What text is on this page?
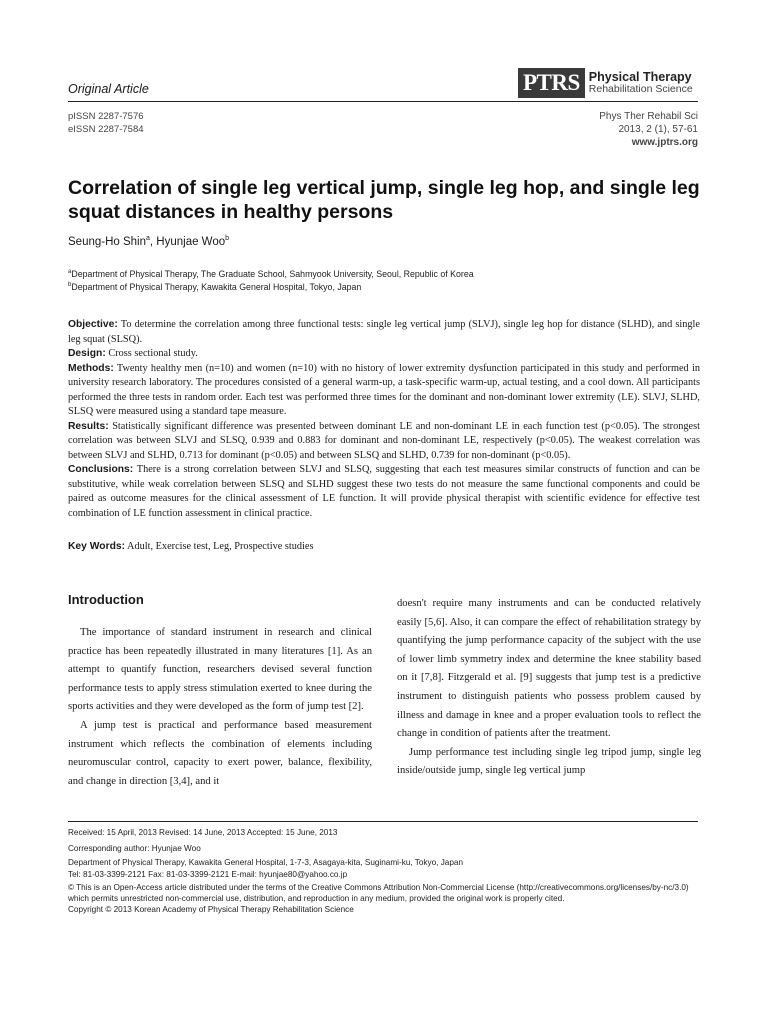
Original Article
pISSN 2287-7576
eISSN 2287-7584
PTRS Physical Therapy
Rehabilitation Science
Phys Ther Rehabil Sci
2013, 2 (1), 57-61
www.jptrs.org
Correlation of single leg vertical jump, single leg hop, and single leg squat distances in healthy persons
Seung-Ho Shin$^a$, Hyunjae Woo$^b$
$^a$Department of Physical Therapy, The Graduate School, Sahmyook University, Seoul, Republic of Korea
$^b$Department of Physical Therapy, Kawakita General Hospital, Tokyo, Japan

Objective: To determine the correlation among three functional tests: single leg vertical jump (SLVJ), single leg hop for distance (SLHD), and single leg squat (SLSQ).

Design: Cross sectional study.

Methods: Twenty healthy men (n=10) and women (n=10) with no history of lower extremity dysfunction participated in this study and performed in university research laboratory. The procedures consisted of a general warm-up, a task-specific warm-up, actual testing, and a cool down. All participants performed the three tests in random order. Each test was performed three times for the dominant and non-dominant lower extremity (LE). SLVJ, SLHD, SLSQ were measured using a standard tape measure.

Results: Statistically significant difference was presented between dominant LE and non-dominant LE in each function test (p<0.05). The strongest correlation was between SLVJ and SLSQ, 0.939 and 0.883 for dominant and non-dominant LE, respectively (p<0.05). The weakest correlation was between SLVJ and SLHD, 0.713 for dominant (p<0.05) and between SLSQ and SLHD, 0.739 for non-dominant (p<0.05).

Conclusions: There is a strong correlation between SLVJ and SLSQ, suggesting that each test measures similar constructs of function and can be substitutive, while weak correlation between SLSQ and SLHD suggest these two tests do not measure the same functional components and could be paired as outcome measures for the clinical assessment of LE function. It will provide physical therapist with scientific evidence for effective test combination of LE function assessment in clinical practice.

Key Words: Adult, Exercise test, Leg, Prospective studies
Introduction

The importance of standard instrument in research and clinical practice has been repeatedly illustrated in many literatures [1]. As an attempt to quantify function, researchers devised several function performance tests to apply stress stimulation exerted to knee during the sports activities and they were developed as the form of jump test [2].

A jump test is practical and performance based measurement instrument which reflects the combination of elements including neuromuscular control, capacity to exert power, balance, flexibility, and change in direction [3,4], and it

doesn't require many instruments and can be conducted relatively easily [5,6]. Also, it can compare the effect of rehabilitation strategy by quantifying the jump performance capacity of the subject with the use of lower limb symmetry index and determine the knee stability based on it [7,8]. Fitzgerald et al. [9] suggests that jump test is a predictive instrument to distinguish patients who possess problem caused by illness and damage in knee and a proper evaluation tools to reflect the change in condition of patients after the treatment.

Jump performance test including single leg tripod jump, single leg inside/outside jump, single leg vertical jump

Received: 15 April, 2013 Revised: 14 June, 2013 Accepted: 15 June, 2013
Corresponding author: Hyunjae Woo
Department of Physical Therapy, Kawakita General Hospital, 1-7-3, Asagaya-kita, Suginami-ku, Tokyo, Japan
Tel: 81-03-3399-2121 Fax: 81-03-3399-2121 E-mail: hyunjae80@yahoo.co.jp
© This is an Open-Access article distributed under the terms of the Creative Commons Attribution Non-Commercial License (http://creativecommons.org/licenses/by-nc/3.0) which permits unrestricted non-commercial use, distribution, and reproduction in any medium, provided the original work is properly cited.
Copyright © 2013 Korean Academy of Physical Therapy Rehabilitation Science
